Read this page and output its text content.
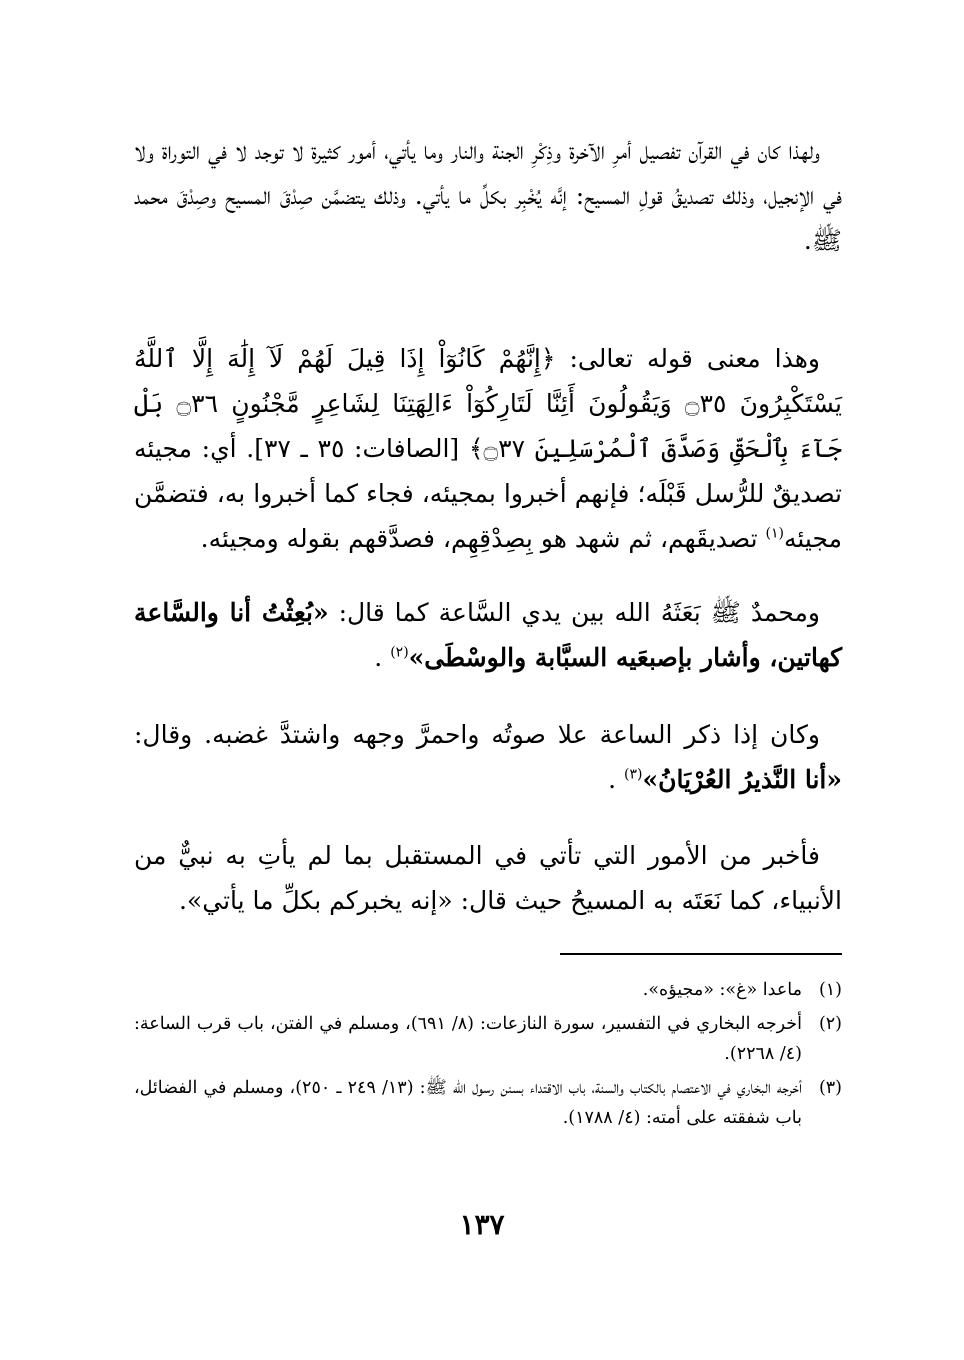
ولهذا كان في القرآن تفصيل أمرِ الآخرة وذِكْرِ الجنة والنار وما يأتي، أمور كثيرة لا توجد لا في التوراة ولا في الإنجيل، وذلك تصديقُ قولِ المسيح: إنَّه يُخْبِر بكلِّ ما يأتي. وذلك يتضمَّن صِدْقَ المسيح وصِدْقَ محمد ﷺ.

وهذا معنى قوله تعالى: ﴿إِنَّهُمْ كَانُوٓاْ إِذَا قِيلَ لَهُمْ لَآ إِلَٰهَ إِلَّا ٱللَّهُ يَسْتَكْبِرُونَ ۝٣٥ وَيَقُولُونَ أَئِنَّا لَتَارِكُوٓاْ ءَالِهَتِنَا لِشَاعِرٍ مَّجْنُونٍ ۝٣٦ بَلْ جَآءَ بِٱلْحَقِّ وَصَدَّقَ ٱلْمُرْسَلِينَ ۝٣٧﴾ [الصافات: ٣٥ ـ ٣٧]. أي: مجيئه تصديقٌ للرُّسل قَبْلَه؛ فإنهم أخبروا بمجيئه، فجاء كما أخبروا به، فتضمَّن مجيئه$^{(١)}$ تصديقَهم، ثم شهد هو بِصِدْقِهِم، فصدَّقهم بقوله ومجيئه.

ومحمدٌ ﷺ بَعَثَهُ الله بين يدي السَّاعة كما قال: «بُعِثْتُ أنا والسَّاعة كهاتين، وأشار بإصبعَيه السبَّابة والوسْطَى»$^{(٢)}$ .

وكان إذا ذكر الساعة علا صوتُه واحمرَّ وجهه واشتدَّ غضبه. وقال: «أنا النَّذيرُ العُرْيَانُ»$^{(٣)}$ .

فأخبر من الأمور التي تأتي في المستقبل بما لم يأتِ به نبيٌّ من الأنبياء، كما نَعَتَه به المسيحُ حيث قال: «إنه يخبركم بكلِّ ما يأتي».

(١)
ماعدا «غ»: «مجيؤه».
(٢)
أخرجه البخاري في التفسير، سورة النازعات: (٨/ ٦٩١)، ومسلم في الفتن، باب قرب الساعة: (٤/ ٢٢٦٨).
(٣)
أخرجه البخاري في الاعتصام بالكتاب والسنة، باب الاقتداء بسنن رسول الله ﷺ: (١٣/ ٢٤٩ ـ ٢٥٠)، ومسلم في الفضائل، باب شفقته على أمته: (٤/ ١٧٨٨).
١٣٧
